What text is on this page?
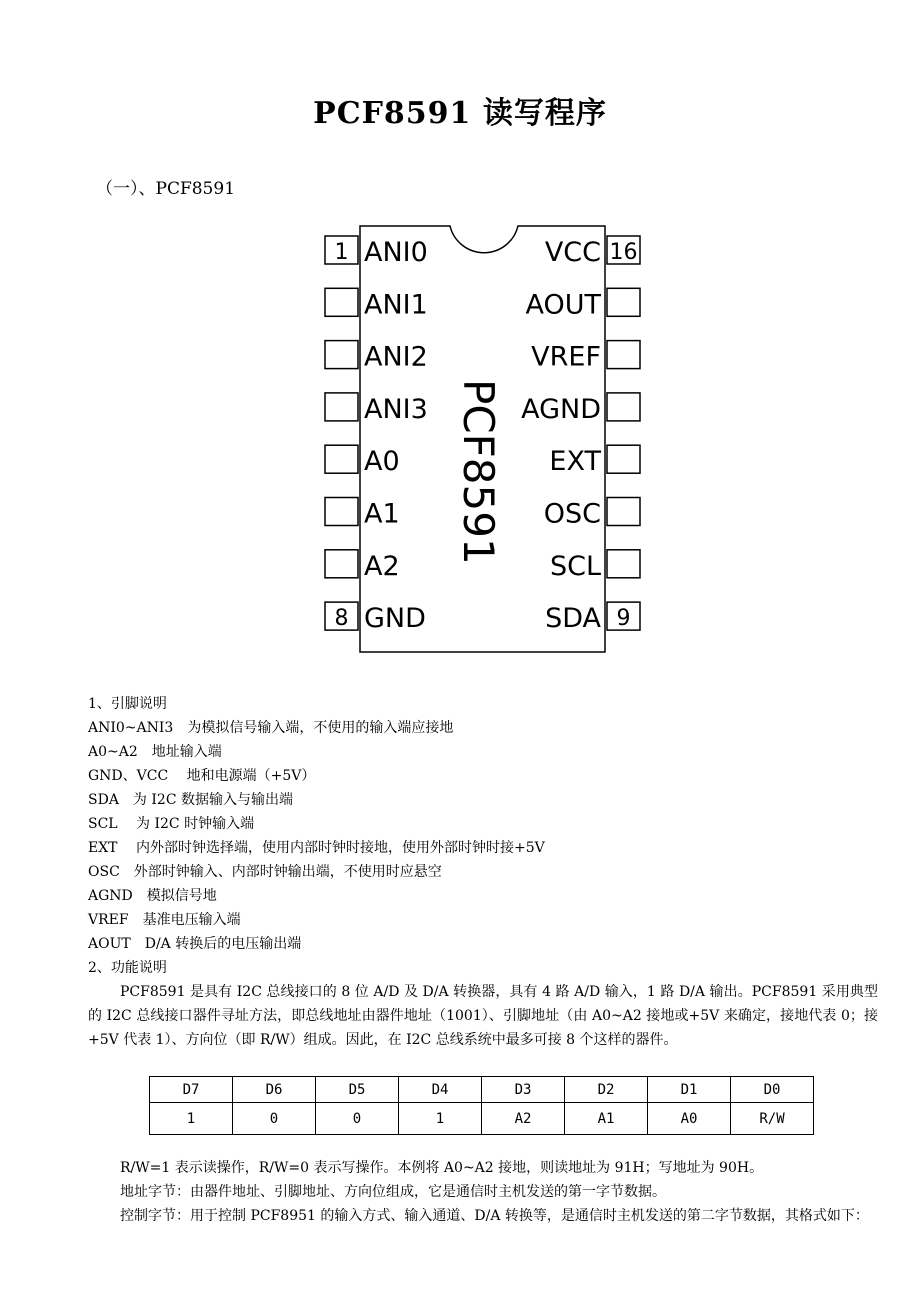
PCF8591 读写程序
（一）、PCF8591
1 ANI0
ANI1
ANI2
ANI3
A0
A1
A2
8 GND
16
VCC
AOUT
VREF
AGND
EXT
OSC
SCL
9
SDA
PCF8591
1、引脚说明
ANI0~ANI3　为模拟信号输入端，不使用的输入端应接地
A0~A2　地址输入端
GND、VCC　 地和电源端（+5V）
SDA　为 I2C 数据输入与输出端
SCL　 为 I2C 时钟输入端
EXT　 内外部时钟选择端，使用内部时钟时接地，使用外部时钟时接+5V
OSC　外部时钟输入、内部时钟输出端，不使用时应悬空
AGND　模拟信号地
VREF　基准电压输入端
AOUT　D/A 转换后的电压输出端
2、功能说明
PCF8591 是具有 I2C 总线接口的 8 位 A/D 及 D/A 转换器，具有 4 路 A/D 输入，1 路 D/A 输出。PCF8591 采用典型的 I2C 总线接口器件寻址方法，即总线地址由器件地址（1001）、引脚地址（由 A0~A2 接地或+5V 来确定，接地代表 0；接+5V 代表 1）、方向位（即 R/W）组成。因此，在 I2C 总线系统中最多可接 8 个这样的器件。
D7	D6	D5	D4	D3	D2	D1	D0
1	0	0	1	A2	A1	A0	R/W
R/W=1 表示读操作，R/W=0 表示写操作。本例将 A0~A2 接地，则读地址为 91H；写地址为 90H。
地址字节：由器件地址、引脚地址、方向位组成，它是通信时主机发送的第一字节数据。
控制字节：用于控制 PCF8951 的输入方式、输入通道、D/A 转换等，是通信时主机发送的第二字节数据，其格式如下：
